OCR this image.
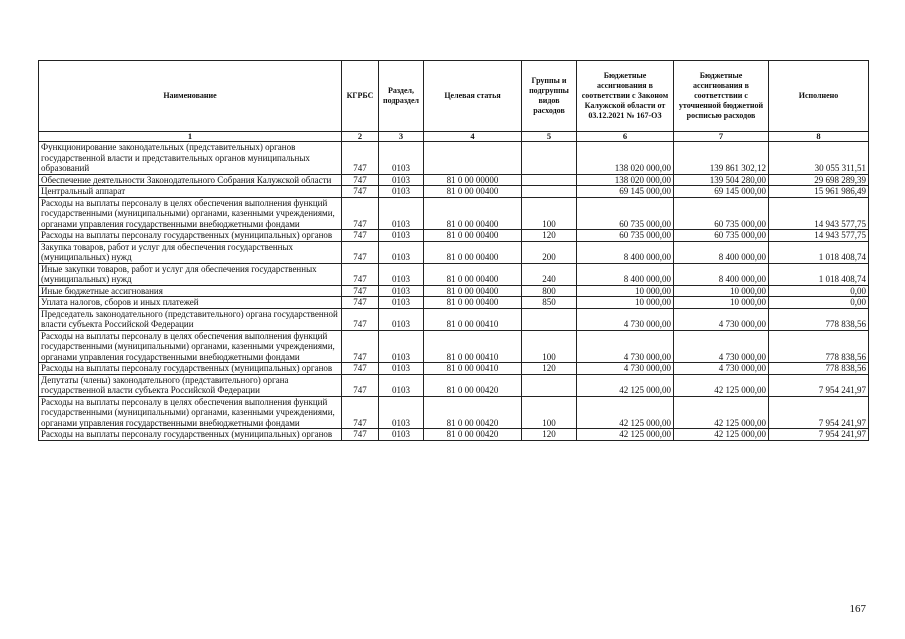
Наименование	КГРБС	Раздел, подраздел	Целевая статья	Группы и подгруппы видов расходов	Бюджетные ассигнования в соответствии с Законом Калужской области от 03.12.2021 № 167-ОЗ	Бюджетные ассигнования в соответствии с уточненной бюджетной росписью расходов	Исполнено
1	2	3	4	5	6	7	8
Функционирование законодательных (представительных) органов государственной власти и представительных органов муниципальных образований	747	0103			138 020 000,00	139 861 302,12	30 055 311,51
Обеспечение деятельности Законодательного Собрания Калужской области	747	0103	81 0 00 00000		138 020 000,00	139 504 280,00	29 698 289,39
Центральный аппарат	747	0103	81 0 00 00400		69 145 000,00	69 145 000,00	15 961 986,49
Расходы на выплаты персоналу в целях обеспечения выполнения функций государственными (муниципальными) органами, казенными учреждениями, органами управления государственными внебюджетными фондами	747	0103	81 0 00 00400	100	60 735 000,00	60 735 000,00	14 943 577,75
Расходы на выплаты персоналу государственных (муниципальных) органов	747	0103	81 0 00 00400	120	60 735 000,00	60 735 000,00	14 943 577,75
Закупка товаров, работ и услуг для обеспечения государственных (муниципальных) нужд	747	0103	81 0 00 00400	200	8 400 000,00	8 400 000,00	1 018 408,74
Иные закупки товаров, работ и услуг для обеспечения государственных (муниципальных) нужд	747	0103	81 0 00 00400	240	8 400 000,00	8 400 000,00	1 018 408,74
Иные бюджетные ассигнования	747	0103	81 0 00 00400	800	10 000,00	10 000,00	0,00
Уплата налогов, сборов и иных платежей	747	0103	81 0 00 00400	850	10 000,00	10 000,00	0,00
Председатель законодательного (представительного) органа государственной власти субъекта Российской Федерации	747	0103	81 0 00 00410		4 730 000,00	4 730 000,00	778 838,56
Расходы на выплаты персоналу в целях обеспечения выполнения функций государственными (муниципальными) органами, казенными учреждениями, органами управления государственными внебюджетными фондами	747	0103	81 0 00 00410	100	4 730 000,00	4 730 000,00	778 838,56
Расходы на выплаты персоналу государственных (муниципальных) органов	747	0103	81 0 00 00410	120	4 730 000,00	4 730 000,00	778 838,56
Депутаты (члены) законодательного (представительного) органа государственной власти субъекта Российской Федерации	747	0103	81 0 00 00420		42 125 000,00	42 125 000,00	7 954 241,97
Расходы на выплаты персоналу в целях обеспечения выполнения функций государственными (муниципальными) органами, казенными учреждениями, органами управления государственными внебюджетными фондами	747	0103	81 0 00 00420	100	42 125 000,00	42 125 000,00	7 954 241,97
Расходы на выплаты персоналу государственных (муниципальных) органов	747	0103	81 0 00 00420	120	42 125 000,00	42 125 000,00	7 954 241,97
167
